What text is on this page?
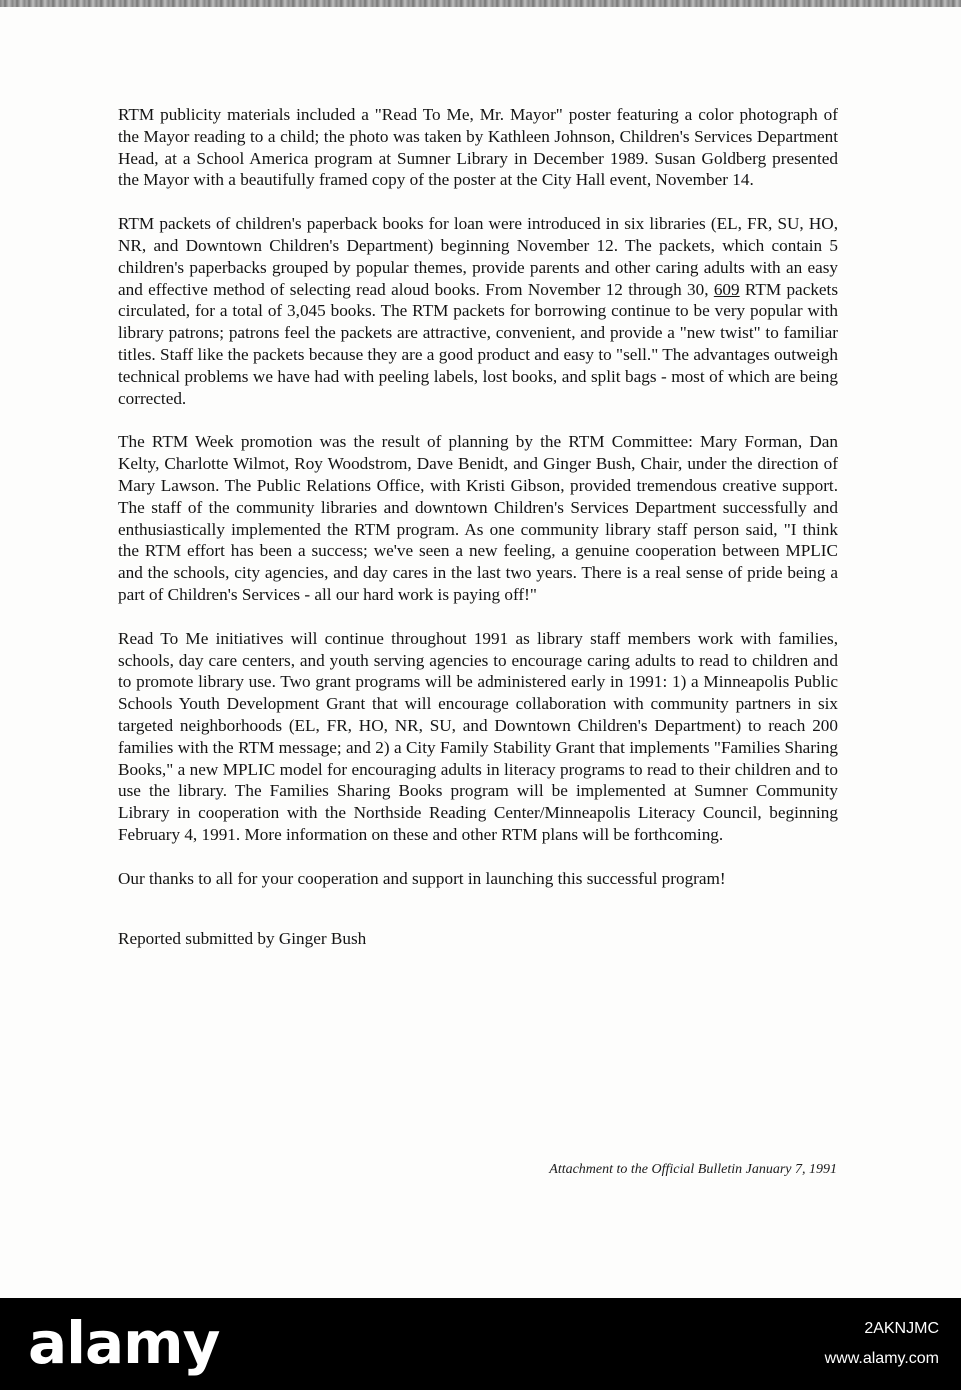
RTM publicity materials included a "Read To Me, Mr. Mayor" poster featuring a color photograph of the Mayor reading to a child; the photo was taken by Kathleen Johnson, Children's Services Department Head, at a School America program at Sumner Library in December 1989. Susan Goldberg presented the Mayor with a beautifully framed copy of the poster at the City Hall event, November 14.

RTM packets of children's paperback books for loan were introduced in six libraries (EL, FR, SU, HO, NR, and Downtown Children's Department) beginning November 12. The packets, which contain 5 children's paperbacks grouped by popular themes, provide parents and other caring adults with an easy and effective method of selecting read aloud books. From November 12 through 30, 609 RTM packets circulated, for a total of 3,045 books. The RTM packets for borrowing continue to be very popular with library patrons; patrons feel the packets are attractive, convenient, and provide a "new twist" to familiar titles. Staff like the packets because they are a good product and easy to "sell." The advantages outweigh technical problems we have had with peeling labels, lost books, and split bags - most of which are being corrected.

The RTM Week promotion was the result of planning by the RTM Committee: Mary Forman, Dan Kelty, Charlotte Wilmot, Roy Woodstrom, Dave Benidt, and Ginger Bush, Chair, under the direction of Mary Lawson. The Public Relations Office, with Kristi Gibson, provided tremendous creative support. The staff of the community libraries and downtown Children's Services Department successfully and enthusiastically implemented the RTM program. As one community library staff person said, "I think the RTM effort has been a success; we've seen a new feeling, a genuine cooperation between MPLIC and the schools, city agencies, and day cares in the last two years. There is a real sense of pride being a part of Children's Services - all our hard work is paying off!"

Read To Me initiatives will continue throughout 1991 as library staff members work with families, schools, day care centers, and youth serving agencies to encourage caring adults to read to children and to promote library use. Two grant programs will be administered early in 1991: 1) a Minneapolis Public Schools Youth Development Grant that will encourage collaboration with community partners in six targeted neighborhoods (EL, FR, HO, NR, SU, and Downtown Children's Department) to reach 200 families with the RTM message; and 2) a City Family Stability Grant that implements "Families Sharing Books," a new MPLIC model for encouraging adults in literacy programs to read to their children and to use the library. The Families Sharing Books program will be implemented at Sumner Community Library in cooperation with the Northside Reading Center/Minneapolis Literacy Council, beginning February 4, 1991. More information on these and other RTM plans will be forthcoming.

Our thanks to all for your cooperation and support in launching this successful program!

Reported submitted by Ginger Bush

Attachment to the Official Bulletin January 7, 1991
alamy	2AKNJMC
www.alamy.com
